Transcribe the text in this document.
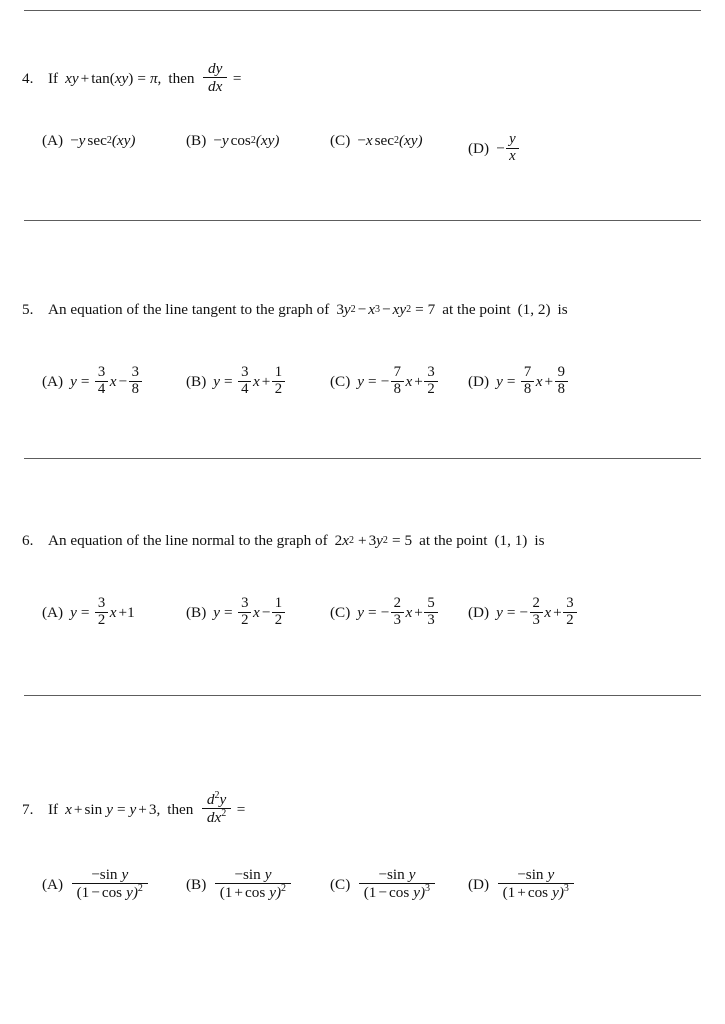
4. If xy + tan( xy ) = π , then $\frac{dy}{dx}$ =
(A) − y sec 2 (xy)	(B) − y cos 2 (xy)	(C) − x sec 2 (xy)	$(D) - \frac{y}{x}$
5. An equation of the line tangent to the graph of 3 y 2 − x 3 − xy 2 = 7 at the point (1, 2) is
(A) $y = \frac{3}{4}$ $x - \frac{3}{8}$	(B) $y = \frac{3}{4}$ $x + \frac{1}{2}$	(C) y = − $\frac{7}{8}$ $x + \frac{3}{2} (D) y = \frac{7}{8}$ $x + \frac{9}{8}$
6. An equation of the line normal to the graph of 2 x 2 + 3 y 2 = 5 at the point (1, 1) is
(A) $y = \frac{3}{2}$ x + 1	(B) $y = \frac{3}{2}$ $x - \frac{1}{2}$	(C) y = − $\frac{2}{3}$ $x + \frac{5}{3} (D) y$ = − $\frac{2}{3}$ $x + \frac{3}{2}$
7. If x + sin y = y + 3 , then $\frac{d^2y}{dx^2}$ =
$(A) \frac{\text{−sin y}}{(1 - \cos y)^2}$	$(B) \frac{\text{−sin y}}{(1 + \cos y)^2}$	$(C) \frac{\text{−sin y}}{(1 - \cos y)^3} (D) \frac{\text{−sin y}}{(1 + \cos y)^3}$
